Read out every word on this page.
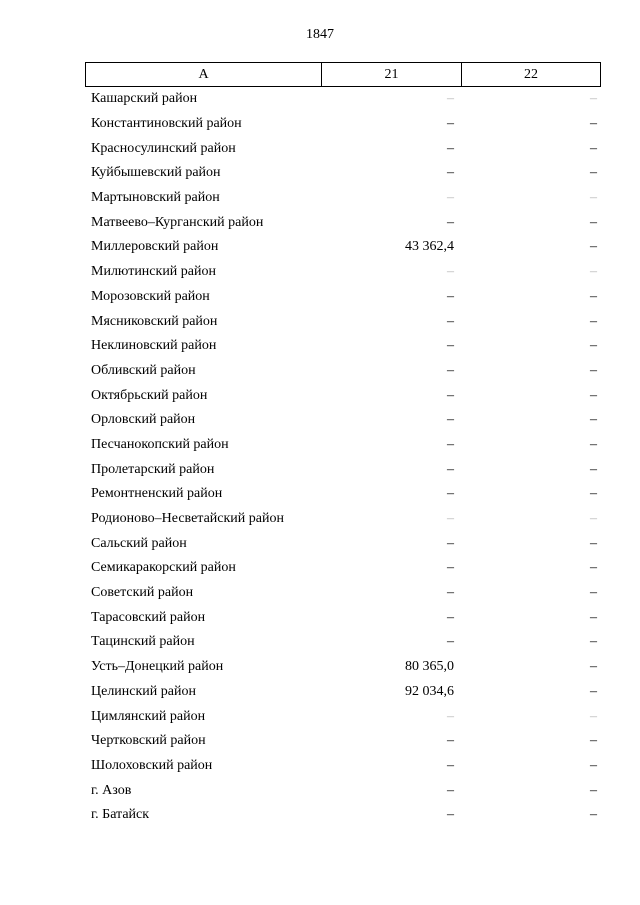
1847
А	21	22
Кашарский район	–	–
Константиновский район	–	–
Красносулинский район	–	–
Куйбышевский район	–	–
Мартыновский район	–	–
Матвеево–Курганский район	–	–
Миллеровский район	43 362,4	–
Милютинский район	–	–
Морозовский район	–	–
Мясниковский район	–	–
Неклиновский район	–	–
Обливский район	–	–
Октябрьский район	–	–
Орловский район	–	–
Песчанокопский район	–	–
Пролетарский район	–	–
Ремонтненский район	–	–
Родионово–Несветайский район	–	–
Сальский район	–	–
Семикаракорский район	–	–
Советский район	–	–
Тарасовский район	–	–
Тацинский район	–	–
Усть–Донецкий район	80 365,0	–
Целинский район	92 034,6	–
Цимлянский район	–	–
Чертковский район	–	–
Шолоховский район	–	–
г. Азов	–	–
г. Батайск	–	–
